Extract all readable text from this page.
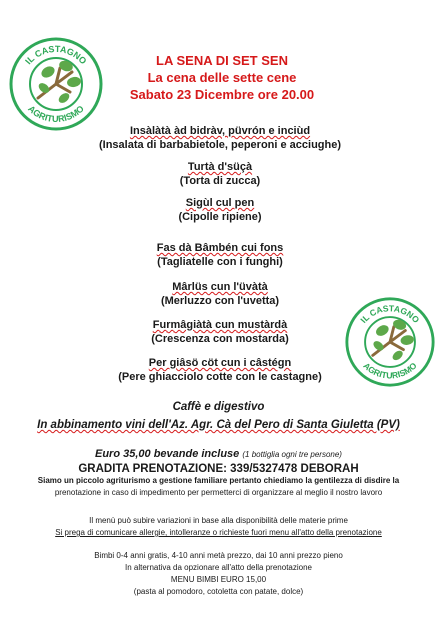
IL CASTAGNO
AGRITURISMO
IL CASTAGNO
AGRITURISMO
LA SENA DI SET SEN
La cena delle sette cene
Sabato 23 Dicembre ore 20.00
Insàlàtà àd bidràv, püvrón e inciùd
(Insalata di barbabietole, peperoni e acciughe)
Turtà d'süçà
(Torta di zucca)
Sigùl cul pen
(Cipolle ripiene)
Fas dà Bâmbén cui fons
(Tagliatelle con i funghi)
Mârlüs cun l'üvàtà
(Merluzzo con l'uvetta)
Furmâgiàtà cun mustàrdà
(Crescenza con mostarda)
Per giâsö cöt cun i câstégn
(Pere ghiacciolo cotte con le castagne)
Caffè e digestivo
In abbinamento vini dell'Az. Agr. Cà del Pero di Santa Giuletta (PV)
Euro 35,00 bevande incluse (1 bottiglia ogni tre persone)
GRADITA PRENOTAZIONE: 339/5327478 DEBORAH
Siamo un piccolo agriturismo a gestione familiare pertanto chiediamo la gentilezza di disdire la
prenotazione in caso di impedimento per permetterci di organizzare al meglio il nostro lavoro
Il menù può subire variazioni in base alla disponibilità delle materie prime
Si prega di comunicare allergie, intolleranze o richieste fuori menu all'atto della prenotazione
Bimbi 0-4 anni gratis, 4-10 anni metà prezzo, dai 10 anni prezzo pieno
In alternativa da opzionare all'atto della prenotazione
MENU BIMBI EURO 15,00
(pasta al pomodoro, cotoletta con patate, dolce)
